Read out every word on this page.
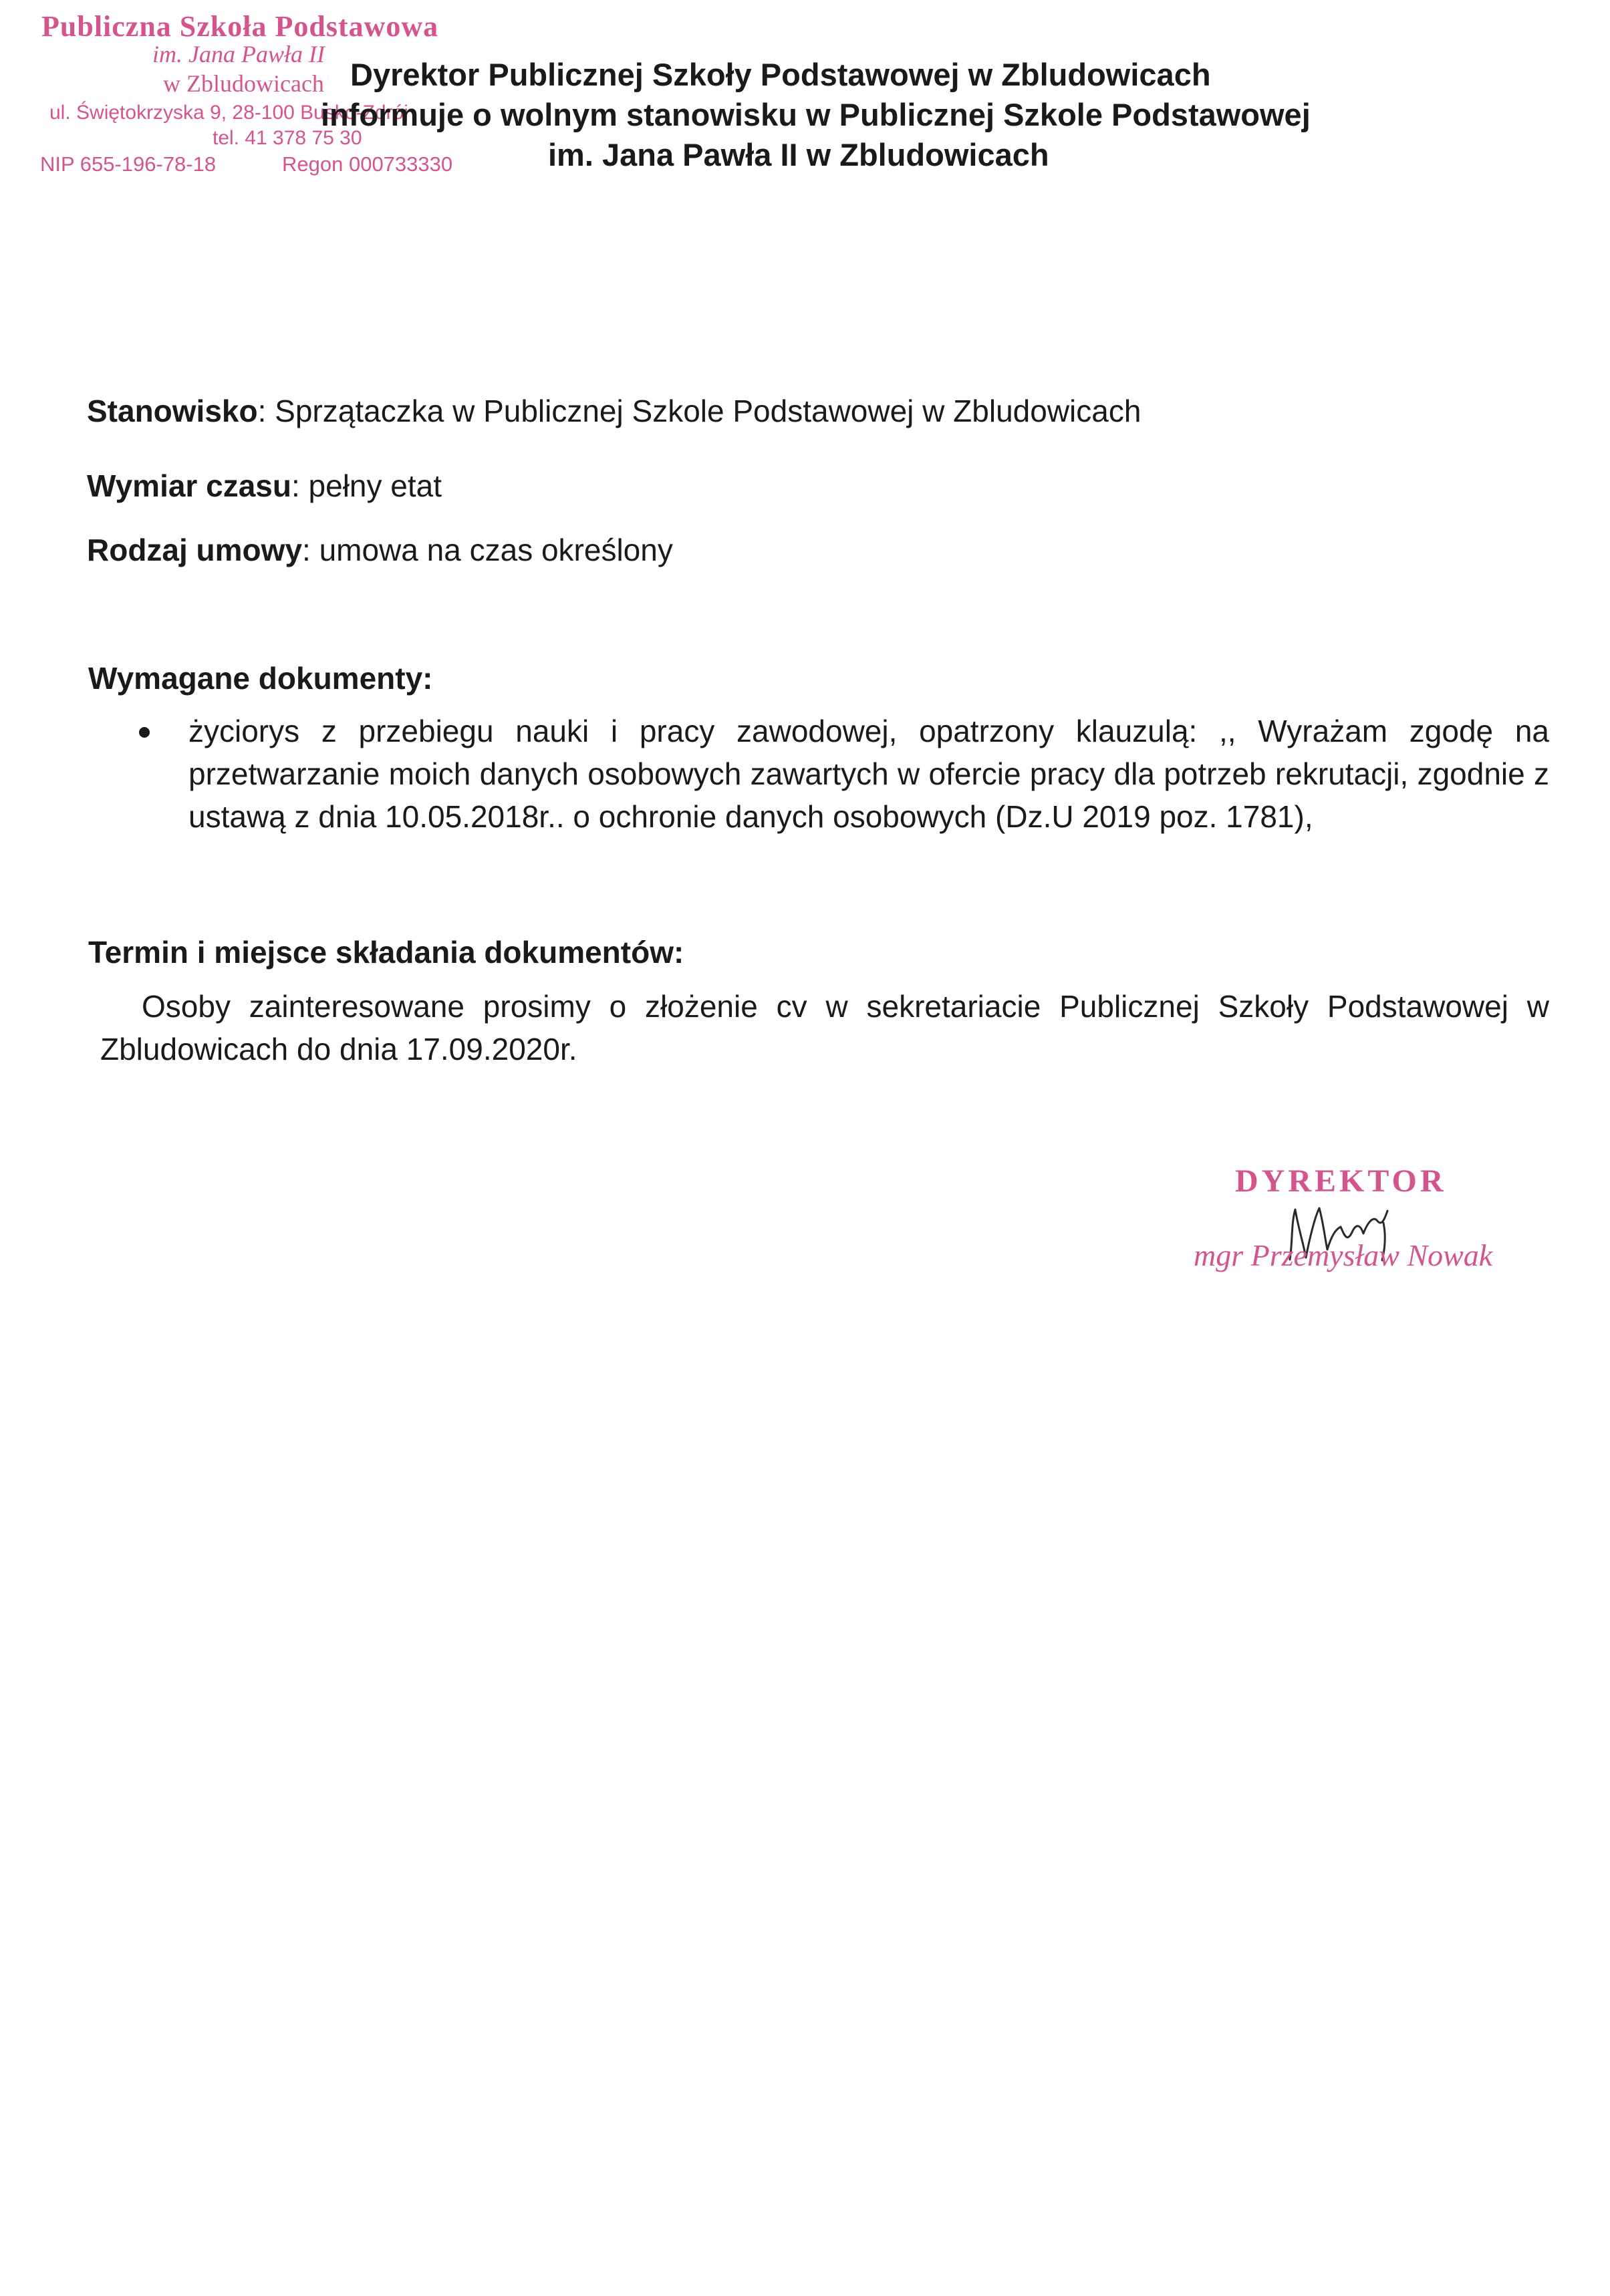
Publiczna Szkoła Podstawowa
im. Jana Pawła II
w Zbludowicach
ul. Świętokrzyska 9, 28-100 Busko-Zdrój
tel. 41 378 75 30
NIP 655-196-78-18	Regon 000733330
Dyrektor Publicznej Szkoły Podstawowej w Zbludowicach
informuje o wolnym stanowisku w Publicznej Szkole Podstawowej
im. Jana Pawła II w Zbludowicach
Stanowisko: Sprzątaczka w Publicznej Szkole Podstawowej w Zbludowicach
Wymiar czasu: pełny etat
Rodzaj umowy: umowa na czas określony
Wymagane dokumenty:
życiorys z przebiegu nauki i pracy zawodowej, opatrzony klauzulą: ,, Wyrażam zgodę na przetwarzanie moich danych osobowych zawartych w ofercie pracy dla potrzeb rekrutacji, zgodnie z ustawą z dnia 10.05.2018r.. o ochronie danych osobowych (Dz.U 2019 poz. 1781),
Termin i miejsce składania dokumentów:
Osoby zainteresowane prosimy o złożenie cv w sekretariacie Publicznej Szkoły Podstawowej w Zbludowicach do dnia 17.09.2020r.
DYREKTOR
mgr Przemysław Nowak
